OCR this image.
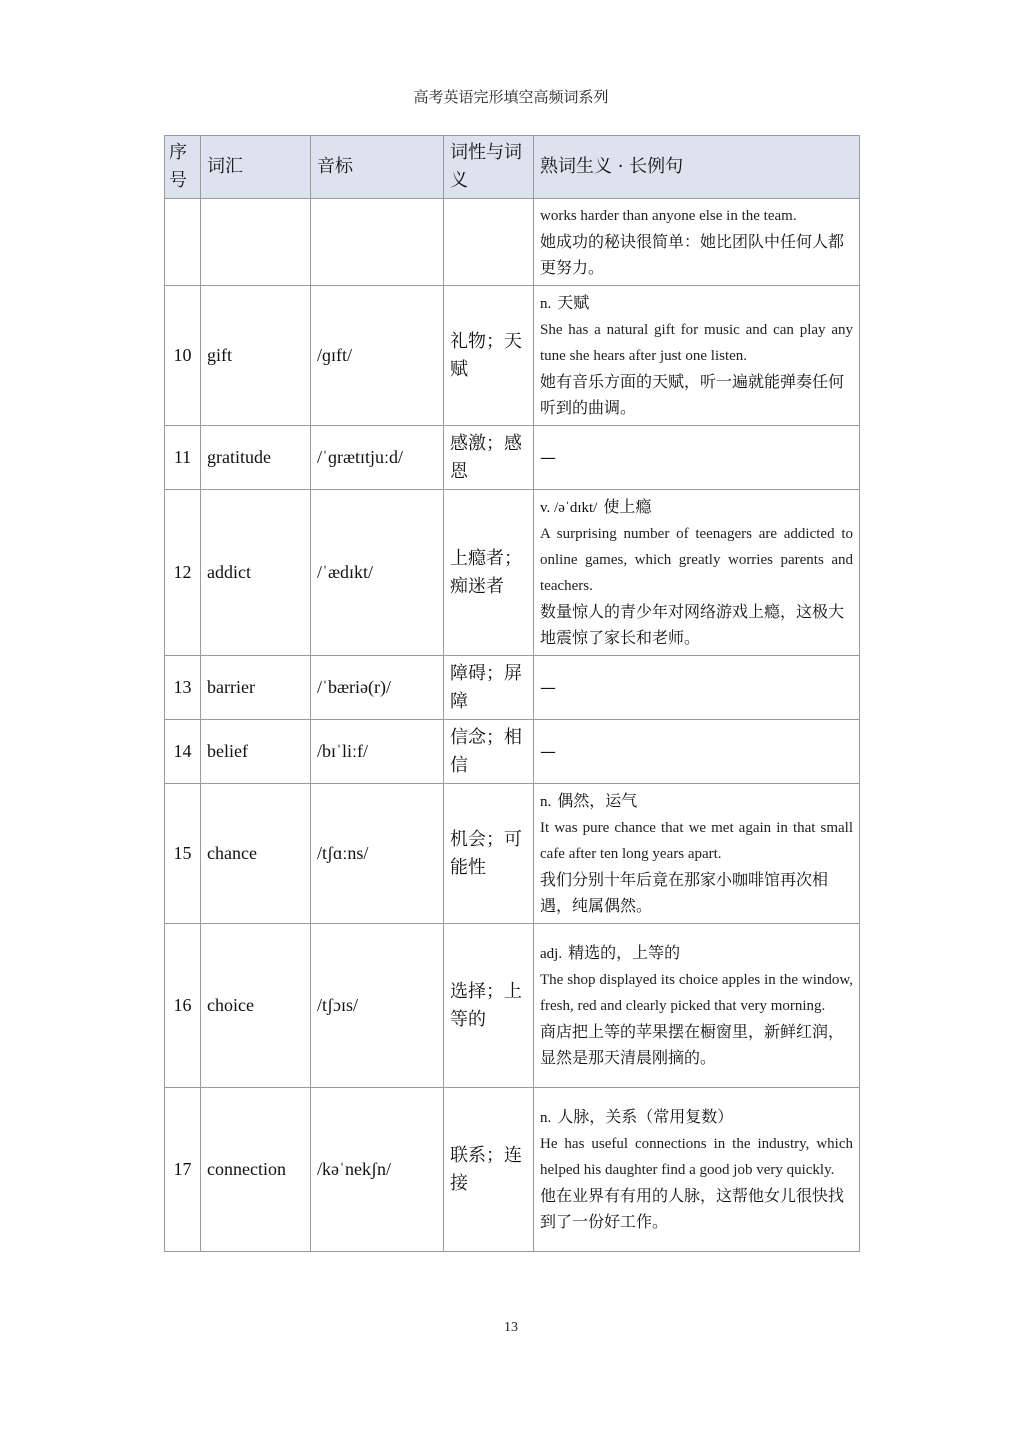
高考英语完形填空高频词系列
序号	词汇	音标	词性与词义	熟词生义 · 长例句

				works harder than anyone else in the team.
她成功的秘诀很简单：她比团队中任何人都更努力。

10	gift	/ɡɪft/	礼物；天赋	n. 天赋
She has a natural gift for music and can play any tune she hears after just one listen.
她有音乐方面的天赋，听一遍就能弹奏任何听到的曲调。

11	gratitude	/ˈɡrætɪtjuːd/	感激；感恩	—

12	addict	/ˈædɪkt/	上瘾者；痴迷者	v. /əˈdɪkt/ 使上瘾
A surprising number of teenagers are addicted to online games, which greatly worries parents and teachers.
数量惊人的青少年对网络游戏上瘾，这极大地震惊了家长和老师。

13	barrier	/ˈbæriə(r)/	障碍；屏障	—

14	belief	/bɪˈliːf/	信念；相信	—

15	chance	/tʃɑːns/	机会；可能性	n. 偶然，运气
It was pure chance that we met again in that small cafe after ten long years apart.
我们分别十年后竟在那家小咖啡馆再次相遇，纯属偶然。

16	choice	/tʃɔɪs/	选择；上等的	adj. 精选的，上等的
The shop displayed its choice apples in the window, fresh, red and clearly picked that very morning.
商店把上等的苹果摆在橱窗里，新鲜红润，显然是那天清晨刚摘的。

17	connection	/kəˈnekʃn/	联系；连接	n. 人脉，关系（常用复数）
He has useful connections in the industry, which helped his daughter find a good job very quickly.
他在业界有有用的人脉，这帮他女儿很快找到了一份好工作。
13
